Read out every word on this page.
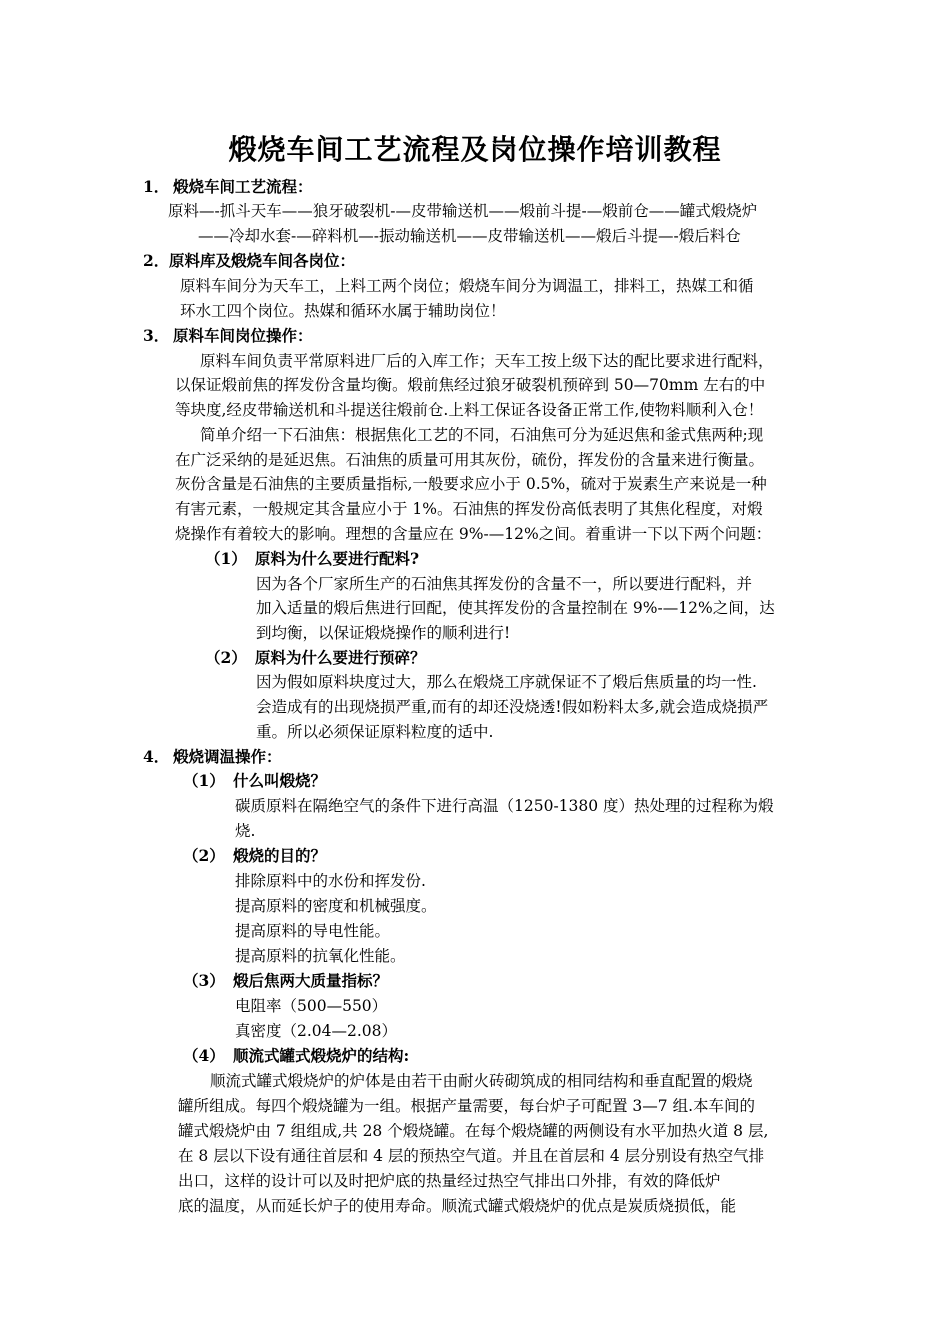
煅烧车间工艺流程及岗位操作培训教程
1． 煅烧车间工艺流程：
原料—-抓斗天车——狼牙破裂机-—皮带输送机——煅前斗提-—煅前仓——罐式煅烧炉
——冷却水套-—碎料机—-振动输送机——皮带输送机——煅后斗提—-煅后料仓
2．原料库及煅烧车间各岗位：
原料车间分为天车工，上料工两个岗位；煅烧车间分为调温工，排料工，热媒工和循
环水工四个岗位。热媒和循环水属于辅助岗位！
3． 原料车间岗位操作：
原料车间负责平常原料进厂后的入库工作；天车工按上级下达的配比要求进行配料，
以保证煅前焦的挥发份含量均衡。煅前焦经过狼牙破裂机预碎到 50—70mm 左右的中
等块度,经皮带输送机和斗提送往煅前仓.上料工保证各设备正常工作,使物料顺利入仓！
简单介绍一下石油焦：根据焦化工艺的不同，石油焦可分为延迟焦和釜式焦两种;现
在广泛采纳的是延迟焦。石油焦的质量可用其灰份，硫份，挥发份的含量来进行衡量。
灰份含量是石油焦的主要质量指标,一般要求应小于 0.5%，硫对于炭素生产来说是一种
有害元素，一般规定其含量应小于 1%。石油焦的挥发份高低表明了其焦化程度，对煅
烧操作有着较大的影响。理想的含量应在 9%-—12%之间。着重讲一下以下两个问题：
（1） 原料为什么要进行配料?
因为各个厂家所生产的石油焦其挥发份的含量不一，所以要进行配料，并
加入适量的煅后焦进行回配，使其挥发份的含量控制在 9%-—12%之间，达
到均衡，以保证煅烧操作的顺利进行!
（2） 原料为什么要进行预碎？
因为假如原料块度过大，那么在煅烧工序就保证不了煅后焦质量的均一性.
会造成有的出现烧损严重,而有的却还没烧透!假如粉料太多,就会造成烧损严
重。所以必须保证原料粒度的适中.
4． 煅烧调温操作：
（1） 什么叫煅烧？
碳质原料在隔绝空气的条件下进行高温（1250-1380 度）热处理的过程称为煅
烧.
（2） 煅烧的目的？
排除原料中的水份和挥发份.
提高原料的密度和机械强度。
提高原料的导电性能。
提高原料的抗氧化性能。
（3） 煅后焦两大质量指标？
电阻率（500—550）
真密度（2.04—2.08）
（4） 顺流式罐式煅烧炉的结构:
顺流式罐式煅烧炉的炉体是由若干由耐火砖砌筑成的相同结构和垂直配置的煅烧
罐所组成。每四个煅烧罐为一组。根据产量需要，每台炉子可配置 3—7 组.本车间的
罐式煅烧炉由 7 组组成,共 28 个煅烧罐。在每个煅烧罐的两侧设有水平加热火道 8 层,
在 8 层以下设有通往首层和 4 层的预热空气道。并且在首层和 4 层分别设有热空气排
出口，这样的设计可以及时把炉底的热量经过热空气排出口外排，有效的降低炉
底的温度，从而延长炉子的使用寿命。顺流式罐式煅烧炉的优点是炭质烧损低，能
